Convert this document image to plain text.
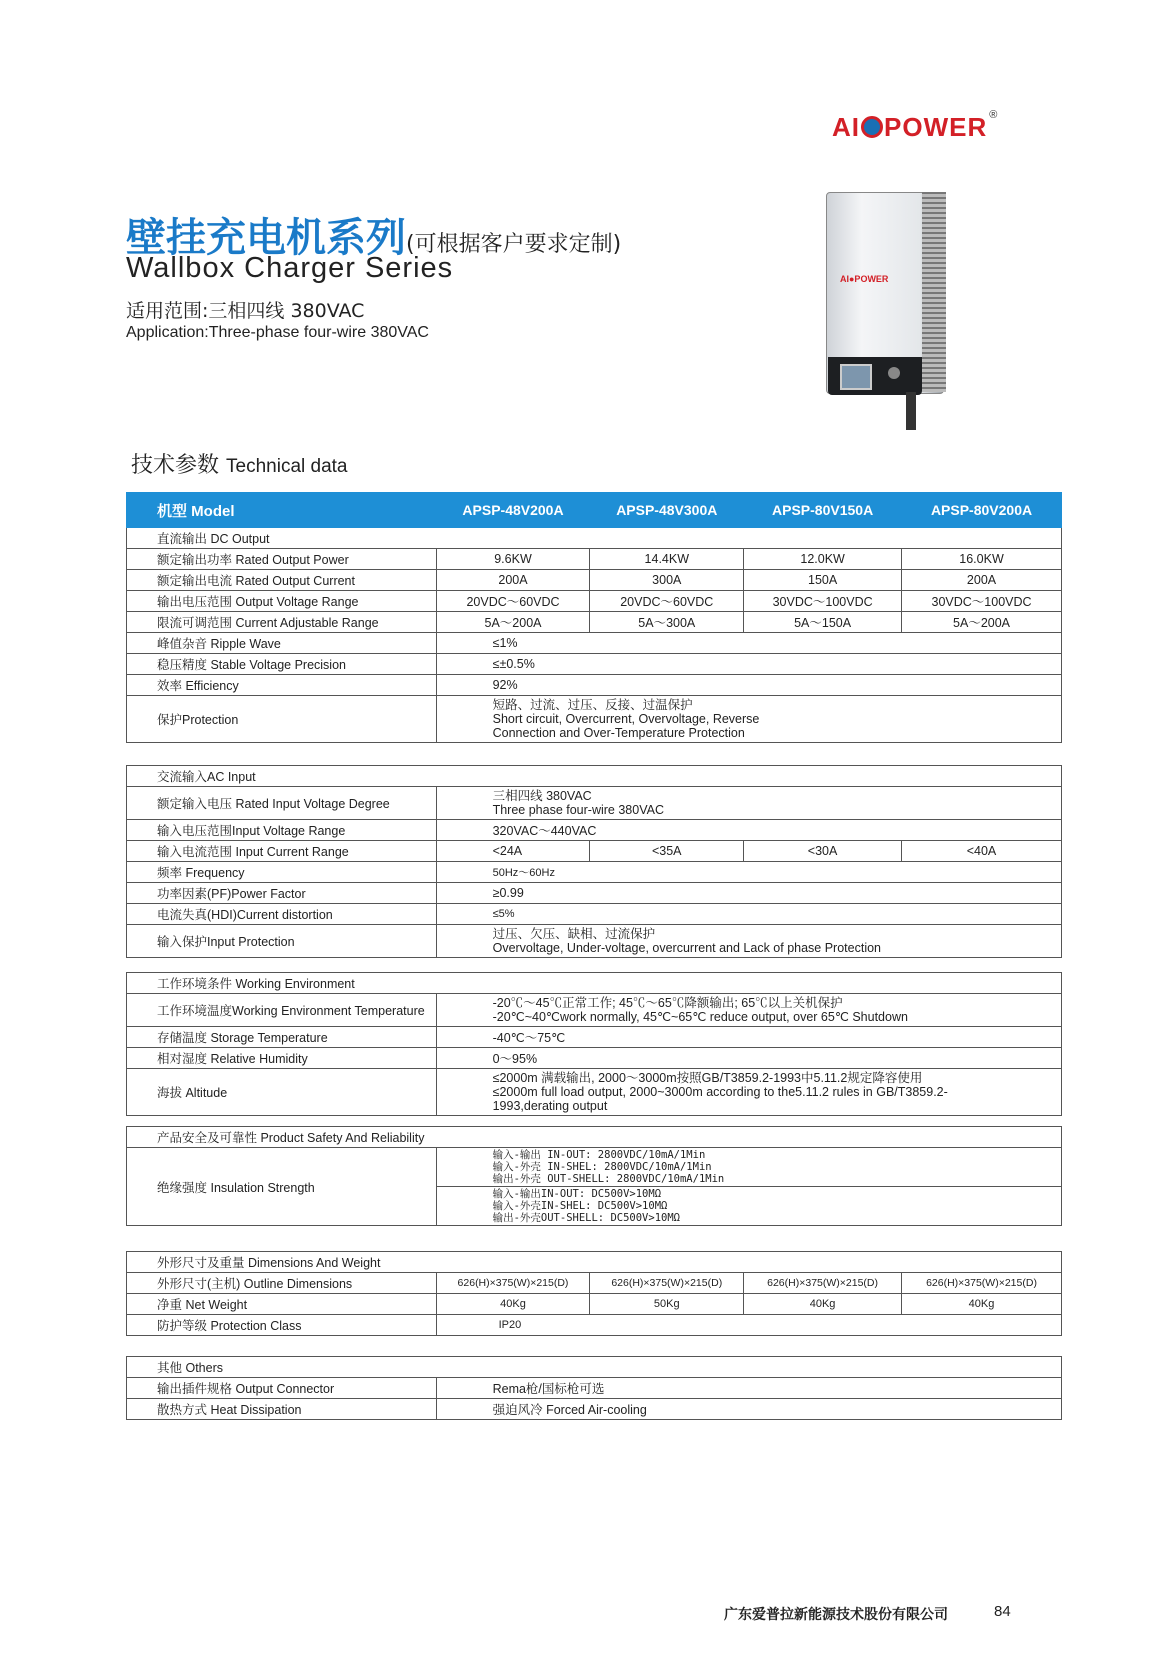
AI POWER ®
壁挂充电机系列(可根据客户要求定制)
Wallbox Charger Series
适用范围:三相四线 380VAC
Application:Three-phase four-wire 380VAC
AI●POWER
技术参数 Technical data
机型 Model	APSP-48V200A	APSP-48V300A	APSP-80V150A	APSP-80V200A
直流输出 DC Output				
额定输出功率 Rated Output Power	9.6KW	14.4KW	12.0KW	16.0KW
额定输出电流 Rated Output Current	200A	300A	150A	200A
输出电压范围 Output Voltage Range	20VDC～60VDC	20VDC～60VDC	30VDC～100VDC	30VDC～100VDC
限流可调范围 Current Adjustable Range	5A～200A	5A～300A	5A～150A	5A～200A
峰值杂音 Ripple Wave	≤1%			
稳压精度 Stable Voltage Precision	≤±0.5%			
效率 Efficiency	92%			
保护Protection	短路、过流、过压、反接、过温保护
Short circuit, Overcurrent, Overvoltage, Reverse
Connection and Over-Temperature Protection			
交流输入AC Input				
额定输入电压 Rated Input Voltage Degree	三相四线 380VAC
Three phase four-wire 380VAC			

输入电压范围Input Voltage Range	320VAC～440VAC			
输入电流范围 Input Current Range	<24A	<35A	<30A	<40A
频率 Frequency	50Hz～60Hz			
功率因素(PF)Power Factor	≥0.99			
电流失真(HDI)Current distortion	≤5%			
输入保护Input Protection	过压、欠压、缺相、过流保护
Overvoltage, Under-voltage, overcurrent and Lack of phase Protection			
工作环境条件 Working Environment	
工作环境温度Working Environment Temperature	-20℃～45℃正常工作; 45℃～65℃降额输出; 65℃以上关机保护
-20℃~40℃work normally, 45℃~65℃ reduce output, over 65℃ Shutdown

存储温度 Storage Temperature	-40℃～75℃
相对湿度 Relative Humidity	0～95%
海拔 Altitude	≤2000m 满载输出, 2000～3000m按照GB/T3859.2-1993中5.11.2规定降容使用
≤2000m full load output, 2000~3000m according to the5.11.2 rules in GB/T3859.2-
1993,derating output
产品安全及可靠性 Product Safety And Reliability
绝缘强度 Insulation Strength	
输入-输出 IN-OUT: 2800VDC/10mA/1Min
输入-外壳 IN-SHEL: 2800VDC/10mA/1Min
输出-外壳 OUT-SHELL: 2800VDC/10mA/1Min

输入-输出IN-OUT: DC500V>10MΩ
输入-外壳IN-SHEL: DC500V>10MΩ
输出-外壳OUT-SHELL: DC500V>10MΩ
外形尺寸及重量 Dimensions And Weight				
外形尺寸(主机) Outline Dimensions	626(H)×375(W)×215(D)	626(H)×375(W)×215(D)	626(H)×375(W)×215(D)	626(H)×375(W)×215(D)
净重 Net Weight	40Kg	50Kg	40Kg	40Kg
防护等级 Protection Class	IP20			
其他 Others	
输出插件规格 Output Connector	Rema枪/国标枪可选
散热方式 Heat Dissipation	强迫风冷 Forced Air-cooling
广东爱普拉新能源技术股份有限公司	84
